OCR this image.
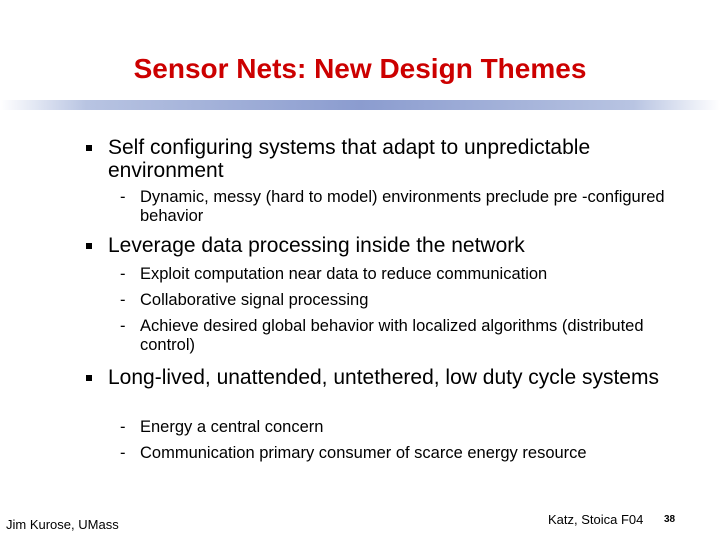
Sensor Nets: New Design Themes
Self configuring systems that adapt to unpredictable environment
- Dynamic, messy (hard to model) environments preclude pre -configured behavior
Leverage data processing inside the network
- Exploit computation near data to reduce communication
- Collaborative signal processing
- Achieve desired global behavior with localized algorithms (distributed control)
Long-lived, unattended, untethered, low duty cycle systems
- Energy a central concern
- Communication primary consumer of scarce energy resource
Jim Kurose, UMass	Katz, Stoica F04 38
